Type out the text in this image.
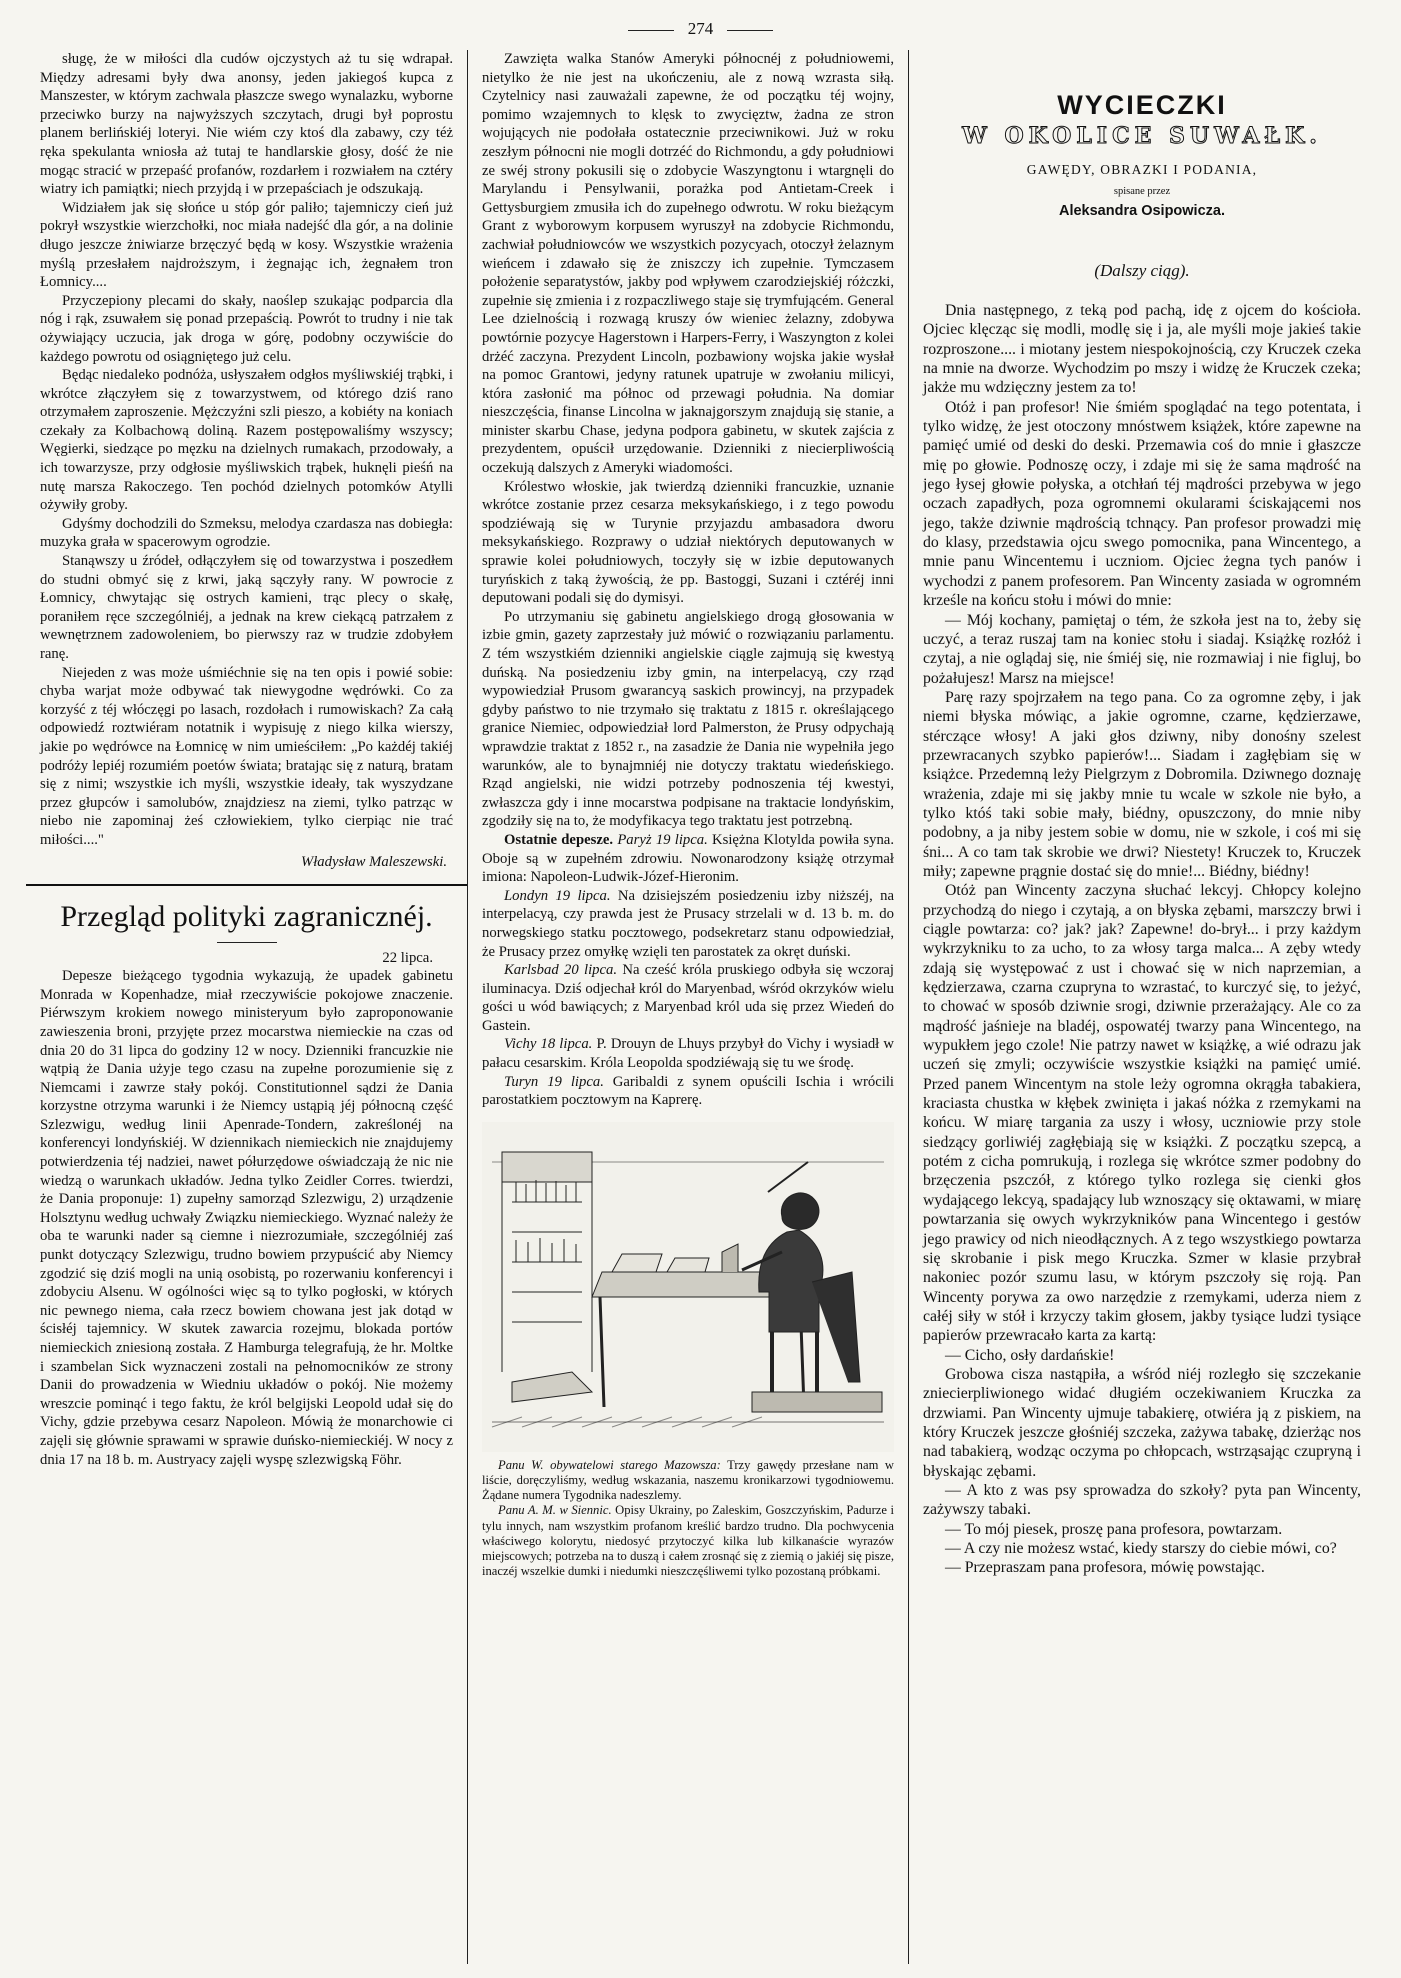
274

sługę, że w miłości dla cudów ojczystych aż tu się wdrapał. Między adresami były dwa anonsy, jeden jakiegoś kupca z Manszester, w którym zachwala płaszcze swego wynalazku, wyborne przeciwko burzy na najwyższych szczytach, drugi był poprostu planem berlińskiéj loteryi. Nie wiém czy ktoś dla zabawy, czy téż ręka spekulanta wniosła aż tutaj te handlarskie głosy, dość że nie mogąc stracić w przepaść profanów, rozdarłem i rozwiałem na cztéry wiatry ich pamiątki; niech przyjdą i w przepaściach je odszukają.

Widziałem jak się słońce u stóp gór paliło; tajemniczy cień już pokrył wszystkie wierzchołki, noc miała nadejść dla gór, a na dolinie długo jeszcze żniwiarze brzęczyć będą w kosy. Wszystkie wrażenia myślą przesłałem najdroższym, i żegnając ich, żegnałem tron Łomnicy....

Przyczepiony plecami do skały, naoślep szukając podparcia dla nóg i rąk, zsuwałem się ponad przepaścią. Powrót to trudny i nie tak ożywiający uczucia, jak droga w górę, podobny oczywiście do każdego powrotu od osiągniętego już celu.

Będąc niedaleko podnóża, usłyszałem odgłos myśliwskiéj trąbki, i wkrótce złączyłem się z towarzystwem, od którego dziś rano otrzymałem zaproszenie. Mężczyźni szli pieszo, a kobiéty na koniach czekały za Kolbachową doliną. Razem postępowaliśmy wszyscy; Węgierki, siedzące po męzku na dzielnych rumakach, przodowały, a ich towarzysze, przy odgłosie myśliwskich trąbek, huknęli pieśń na nutę marsza Rakoczego. Ten pochód dzielnych potomków Atylli ożywiły groby.

Gdyśmy dochodzili do Szmeksu, melodya czardasza nas dobiegła: muzyka grała w spacerowym ogrodzie.

Stanąwszy u źródeł, odłączyłem się od towarzystwa i poszedłem do studni obmyć się z krwi, jaką sączyły rany. W powrocie z Łomnicy, chwytając się ostrych kamieni, trąc plecy o skałę, poraniłem ręce szczególniéj, a jednak na krew ciekącą patrzałem z wewnętrznem zadowoleniem, bo pierwszy raz w trudzie zdobyłem ranę.

Niejeden z was może uśmiéchnie się na ten opis i powié sobie: chyba warjat może odbywać tak niewygodne wędrówki. Co za korzyść z téj włóczęgi po lasach, rozdołach i rumowiskach? Za całą odpowiedź roztwiéram notatnik i wypisuję z niego kilka wierszy, jakie po wędrówce na Łomnicę w nim umieściłem: „Po każdéj takiéj podróży lepiéj rozumiém poetów świata; bratając się z naturą, bratam się z nimi; wszystkie ich myśli, wszystkie ideały, tak wyszydzane przez głupców i samolubów, znajdziesz na ziemi, tylko patrząc w niebo nie zapominaj żeś człowiekiem, tylko cierpiąc nie trać miłości...."

Władysław Maleszewski.
Przegląd polityki zagranicznéj.
22 lipca.

Depesze bieżącego tygodnia wykazują, że upadek gabinetu Monrada w Kopenhadze, miał rzeczywiście pokojowe znaczenie. Piérwszym krokiem nowego ministeryum było zaproponowanie zawieszenia broni, przyjęte przez mocarstwa niemieckie na czas od dnia 20 do 31 lipca do godziny 12 w nocy. Dzienniki francuzkie nie wątpią że Dania użyje tego czasu na zupełne porozumienie się z Niemcami i zawrze stały pokój. Constitutionnel sądzi że Dania korzystne otrzyma warunki i że Niemcy ustąpią jéj północną część Szlezwigu, według linii Apenrade-Tondern, zakreślonéj na konferencyi londyńskiéj. W dziennikach niemieckich nie znajdujemy potwierdzenia téj nadziei, nawet półurzędowe oświadczają że nic nie wiedzą o warunkach układów. Jedna tylko Zeidler Corres. twierdzi, że Dania proponuje: 1) zupełny samorząd Szlezwigu, 2) urządzenie Holsztynu według uchwały Związku niemieckiego. Wyznać należy że oba te warunki nader są ciemne i niezrozumiałe, szczególniéj zaś punkt dotyczący Szlezwigu, trudno bowiem przypuścić aby Niemcy zgodzić się dziś mogli na unią osobistą, po rozerwaniu konferencyi i zdobyciu Alsenu. W ogólności więc są to tylko pogłoski, w których nic pewnego niema, cała rzecz bowiem chowana jest jak dotąd w ścisłéj tajemnicy. W skutek zawarcia rozejmu, blokada portów niemieckich zniesioną została. Z Hamburga telegrafują, że hr. Moltke i szambelan Sick wyznaczeni zostali na pełnomocników ze strony Danii do prowadzenia w Wiedniu układów o pokój. Nie możemy wreszcie pominąć i tego faktu, że król belgijski Leopold udał się do Vichy, gdzie przebywa cesarz Napoleon. Mówią że monarchowie ci zajęli się głównie sprawami w sprawie duńsko-niemieckiéj. W nocy z dnia 17 na 18 b. m. Austryacy zajęli wyspę szlezwigską Föhr.

Zawzięta walka Stanów Ameryki północnéj z południowemi, nietylko że nie jest na ukończeniu, ale z nową wzrasta siłą. Czytelnicy nasi zauważali zapewne, że od początku téj wojny, pomimo wzajemnych to klęsk to zwycięztw, żadna ze stron wojujących nie podołała ostatecznie przeciwnikowi. Już w roku zeszłym północni nie mogli dotrzéć do Richmondu, a gdy południowi ze swéj strony pokusili się o zdobycie Waszyngtonu i wtargnęli do Marylandu i Pensylwanii, porażka pod Antietam-Creek i Gettysburgiem zmusiła ich do zupełnego odwrotu. W roku bieżącym Grant z wyborowym korpusem wyruszył na zdobycie Richmondu, zachwiał południowców we wszystkich pozycyach, otoczył żelaznym wieńcem i zdawało się że zniszczy ich zupełnie. Tymczasem położenie separatystów, jakby pod wpływem czarodziejskiéj różczki, zupełnie się zmienia i z rozpaczliwego staje się trymfującém. General Lee dzielnością i rozwagą kruszy ów wieniec żelazny, zdobywa powtórnie pozycye Hagerstown i Harpers-Ferry, i Waszyngton z kolei drżéć zaczyna. Prezydent Lincoln, pozbawiony wojska jakie wysłał na pomoc Grantowi, jedyny ratunek upatruje w zwołaniu milicyi, która zasłonić ma północ od przewagi południa. Na domiar nieszczęścia, finanse Lincolna w jaknajgorszym znajdują się stanie, a minister skarbu Chase, jedyna podpora gabinetu, w skutek zajścia z prezydentem, opuścił urzędowanie. Dzienniki z niecierpliwością oczekują dalszych z Ameryki wiadomości.

Królestwo włoskie, jak twierdzą dzienniki francuzkie, uznanie wkrótce zostanie przez cesarza meksykańskiego, i z tego powodu spodziéwają się w Turynie przyjazdu ambasadora dworu meksykańskiego. Rozprawy o udział niektórych deputowanych w sprawie kolei południowych, toczyły się w izbie deputowanych turyńskich z taką żywością, że pp. Bastoggi, Suzani i cztéréj inni deputowani podali się do dymisyi.

Po utrzymaniu się gabinetu angielskiego drogą głosowania w izbie gmin, gazety zaprzestały już mówić o rozwiązaniu parlamentu. Z tém wszystkiém dzienniki angielskie ciągle zajmują się kwestyą duńską. Na posiedzeniu izby gmin, na interpelacyą, czy rząd wypowiedział Prusom gwarancyą saskich prowincyj, na przypadek gdyby państwo to nie trzymało się traktatu z 1815 r. określającego granice Niemiec, odpowiedział lord Palmerston, że Prusy odpychają wprawdzie traktat z 1852 r., na zasadzie że Dania nie wypełniła jego warunków, ale to bynajmniéj nie dotyczy traktatu wiedeńskiego. Rząd angielski, nie widzi potrzeby podnoszenia téj kwestyi, zwłaszcza gdy i inne mocarstwa podpisane na traktacie londyńskim, zgodziły się na to, że modyfikacya tego traktatu jest potrzebną.

Ostatnie depesze. Paryż 19 lipca. Księżna Klotylda powiła syna. Oboje są w zupełném zdrowiu. Nowonarodzony książę otrzymał imiona: Napoleon-Ludwik-Józef-Hieronim.

Londyn 19 lipca. Na dzisiejszém posiedzeniu izby niższéj, na interpelacyą, czy prawda jest że Prusacy strzelali w d. 13 b. m. do norwegskiego statku pocztowego, podsekretarz stanu odpowiedział, że Prusacy przez omyłkę wzięli ten parostatek za okręt duński.

Karlsbad 20 lipca. Na cześć króla pruskiego odbyła się wczoraj iluminacya. Dziś odjechał król do Maryenbad, wśród okrzyków wielu gości u wód bawiących; z Maryenbad król uda się przez Wiedeń do Gastein.

Vichy 18 lipca. P. Drouyn de Lhuys przybył do Vichy i wysiadł w pałacu cesarskim. Króla Leopolda spodziéwają się tu we środę.

Turyn 19 lipca. Garibaldi z synem opuścili Ischia i wrócili parostatkiem pocztowym na Kaprerę.

Panu W. obywatelowi starego Mazowsza: Trzy gawędy przesłane nam w liście, doręczyliśmy, według wskazania, naszemu kronikarzowi tygodniowemu. Żądane numera Tygodnika nadeszlemy.

Panu A. M. w Siennic. Opisy Ukrainy, po Zaleskim, Goszczyńskim, Padurze i tylu innych, nam wszystkim profanom kreślić bardzo trudno. Dla pochwycenia właściwego kolorytu, niedosyć przytoczyć kilka lub kilkanaście wyrazów miejscowych; potrzeba na to duszą i całem zrosnąć się z ziemią o jakiéj się pisze, inaczéj wszelkie dumki i niedumki nieszczęśliwemi tylko pozostaną próbkami.

WYCIECZKI
W OKOLICE SUWAŁK.
GAWĘDY, OBRAZKI I PODANIA,
spisane przez
Aleksandra Osipowicza.
(Dalszy ciąg).

Dnia następnego, z teką pod pachą, idę z ojcem do kościoła. Ojciec klęcząc się modli, modlę się i ja, ale myśli moje jakieś takie rozproszone.... i miotany jestem niespokojnością, czy Kruczek czeka na mnie na dworze. Wychodzim po mszy i widzę że Kruczek czeka; jakże mu wdzięczny jestem za to!

Otóż i pan profesor! Nie śmiém spoglądać na tego potentata, i tylko widzę, że jest otoczony mnóstwem książek, które zapewne na pamięć umié od deski do deski. Przemawia coś do mnie i głaszcze mię po głowie. Podnoszę oczy, i zdaje mi się że sama mądrość na jego łysej głowie połyska, a otchłań téj mądrości przebywa w jego oczach zapadłych, poza ogromnemi okularami ściskającemi nos jego, także dziwnie mądrością tchnący. Pan profesor prowadzi mię do klasy, przedstawia ojcu swego pomocnika, pana Wincentego, a mnie panu Wincentemu i uczniom. Ojciec żegna tych panów i wychodzi z panem profesorem. Pan Wincenty zasiada w ogromném krześle na końcu stołu i mówi do mnie:

— Mój kochany, pamiętaj o tém, że szkoła jest na to, żeby się uczyć, a teraz ruszaj tam na koniec stołu i siadaj. Książkę rozłóż i czytaj, a nie oglądaj się, nie śmiéj się, nie rozmawiaj i nie figluj, bo pożałujesz! Marsz na miejsce!

Parę razy spojrzałem na tego pana. Co za ogromne zęby, i jak niemi błyska mówiąc, a jakie ogromne, czarne, kędzierzawe, stérczące włosy! A jaki głos dziwny, niby donośny szelest przewracanych szybko papierów!... Siadam i zagłębiam się w książce. Przedemną leży Pielgrzym z Dobromila. Dziwnego doznaję wrażenia, zdaje mi się jakby mnie tu wcale w szkole nie było, a tylko któś taki sobie mały, biédny, opuszczony, do mnie niby podobny, a ja niby jestem sobie w domu, nie w szkole, i coś mi się śni... A co tam tak skrobie we drwi? Niestety! Kruczek to, Kruczek miły; zapewne prągnie dostać się do mnie!... Biédny, biédny!

Otóż pan Wincenty zaczyna słuchać lekcyj. Chłopcy kolejno przychodzą do niego i czytają, a on błyska zębami, marszczy brwi i ciągle powtarza: co? jak? jak? Zapewne! do-brył... i przy każdym wykrzykniku to za ucho, to za włosy targa malca... A zęby wtedy zdają się występować z ust i chować się w nich naprzemian, a kędzierzawa, czarna czupryna to wzrastać, to kurczyć się, to jeżyć, to chować w sposób dziwnie srogi, dziwnie przerażający. Ale co za mądrość jaśnieje na bladéj, ospowatéj twarzy pana Wincentego, na wypukłem jego czole! Nie patrzy nawet w książkę, a wié odrazu jak uczeń się zmyli; oczywiście wszystkie książki na pamięć umié. Przed panem Wincentym na stole leży ogromna okrągła tabakiera, kraciasta chustka w kłębek zwinięta i jakaś nóżka z rzemykami na końcu. W miarę targania za uszy i włosy, uczniowie przy stole siedzący gorliwiéj zagłębiają się w książki. Z początku szepcą, a potém z cicha pomrukują, i rozlega się wkrótce szmer podobny do brzęczenia pszczół, z którego tylko rozlega się cienki głos wydającego lekcyą, spadający lub wznoszący się oktawami, w miarę powtarzania się owych wykrzykników pana Wincentego i gestów jego prawicy od nich nieodłącznych. A z tego wszystkiego powtarza się skrobanie i pisk mego Kruczka. Szmer w klasie przybrał nakoniec pozór szumu lasu, w którym pszczoły się roją. Pan Wincenty porywa za owo narzędzie z rzemykami, uderza niem z całéj siły w stół i krzyczy takim głosem, jakby tysiące ludzi tysiące papierów przewracało karta za kartą:

— Cicho, osły dardańskie!

Grobowa cisza nastąpiła, a wśród niéj rozległo się szczekanie zniecierpliwionego widać długiém oczekiwaniem Kruczka za drzwiami. Pan Wincenty ujmuje tabakierę, otwiéra ją z piskiem, na który Kruczek jeszcze głośniéj szczeka, zażywa tabakę, dzierżąc nos nad tabakierą, wodząc oczyma po chłopcach, wstrząsając czupryną i błyskając zębami.

— A kto z was psy sprowadza do szkoły? pyta pan Wincenty, zażywszy tabaki.

— To mój piesek, proszę pana profesora, powtarzam.

— A czy nie możesz wstać, kiedy starszy do ciebie mówi, co?

— Przepraszam pana profesora, mówię powstając.
